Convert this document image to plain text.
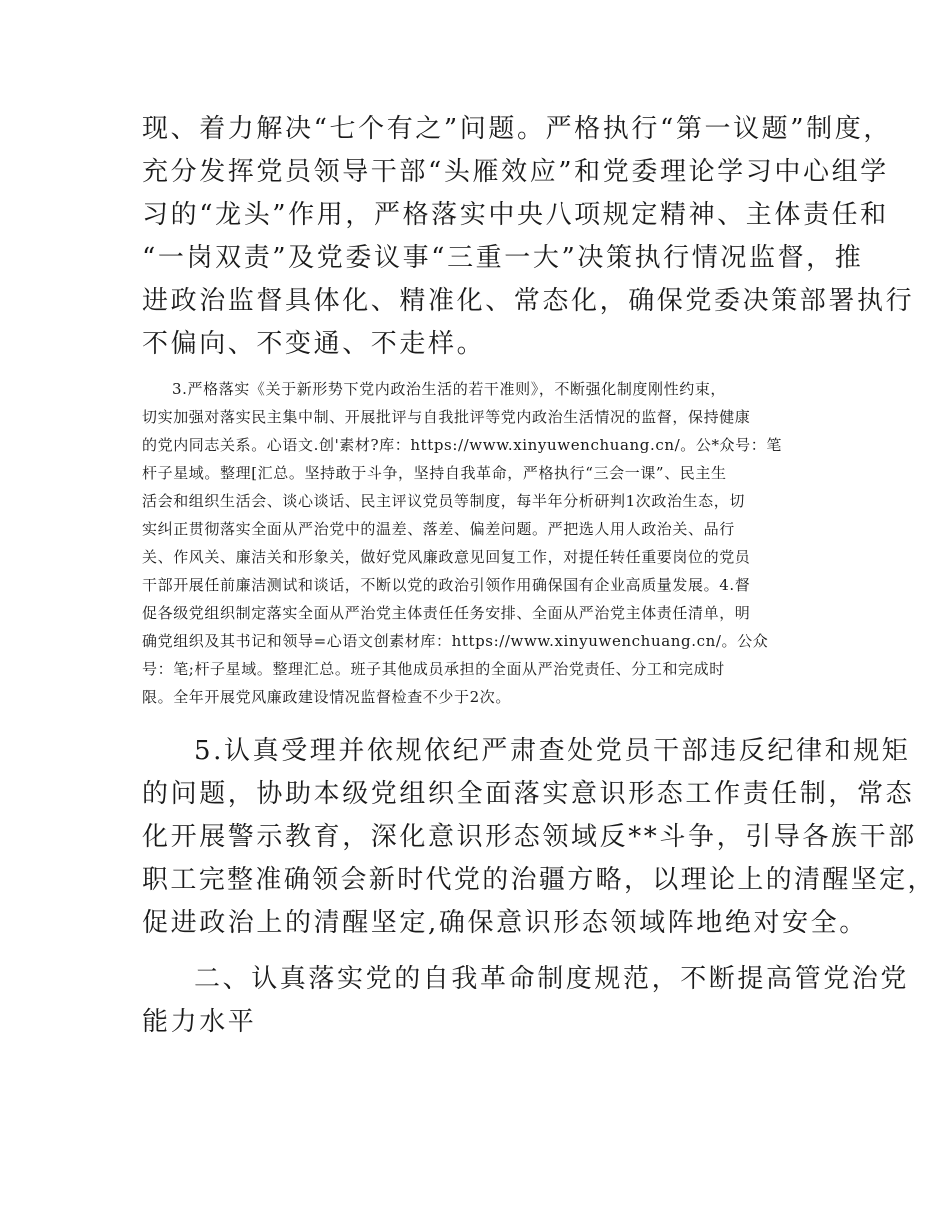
现、着力解决“七个有之”问题。严格执行“第一议题”制度，
充分发挥党员领导干部“头雁效应”和党委理论学习中心组学
习的“龙头”作用，严格落实中央八项规定精神、主体责任和
“一岗双责”及党委议事“三重一大”决策执行情况监督，推
进政治监督具体化、精准化、常态化，确保党委决策部署执行
不偏向、不变通、不走样。
3.严格落实《关于新形势下党内政治生活的若干准则》，不断强化制度刚性约束，
切实加强对落实民主集中制、开展批评与自我批评等党内政治生活情况的监督，保持健康
的党内同志关系。心语文.创'素材?库：https://www.xinyuwenchuang.cn/。公*众号：笔
杆子星域。整理[汇总。坚持敢于斗争，坚持自我革命，严格执行“三会一课”、民主生
活会和组织生活会、谈心谈话、民主评议党员等制度，每半年分析研判1次政治生态，切
实纠正贯彻落实全面从严治党中的温差、落差、偏差问题。严把选人用人政治关、品行
关、作风关、廉洁关和形象关，做好党风廉政意见回复工作，对提任转任重要岗位的党员
干部开展任前廉洁测试和谈话，不断以党的政治引领作用确保国有企业高质量发展。4.督
促各级党组织制定落实全面从严治党主体责任任务安排、全面从严治党主体责任清单，明
确党组织及其书记和领导=心语文创素材库：https://www.xinyuwenchuang.cn/。公众
号：笔;杆子星域。整理汇总。班子其他成员承担的全面从严治党责任、分工和完成时
限。全年开展党风廉政建设情况监督检查不少于2次。
5.认真受理并依规依纪严肃查处党员干部违反纪律和规矩
的问题，协助本级党组织全面落实意识形态工作责任制，常态
化开展警示教育，深化意识形态领域反**斗争，引导各族干部
职工完整准确领会新时代党的治疆方略，以理论上的清醒坚定，
促进政治上的清醒坚定,确保意识形态领域阵地绝对安全。
二、认真落实党的自我革命制度规范，不断提高管党治党
能力水平
